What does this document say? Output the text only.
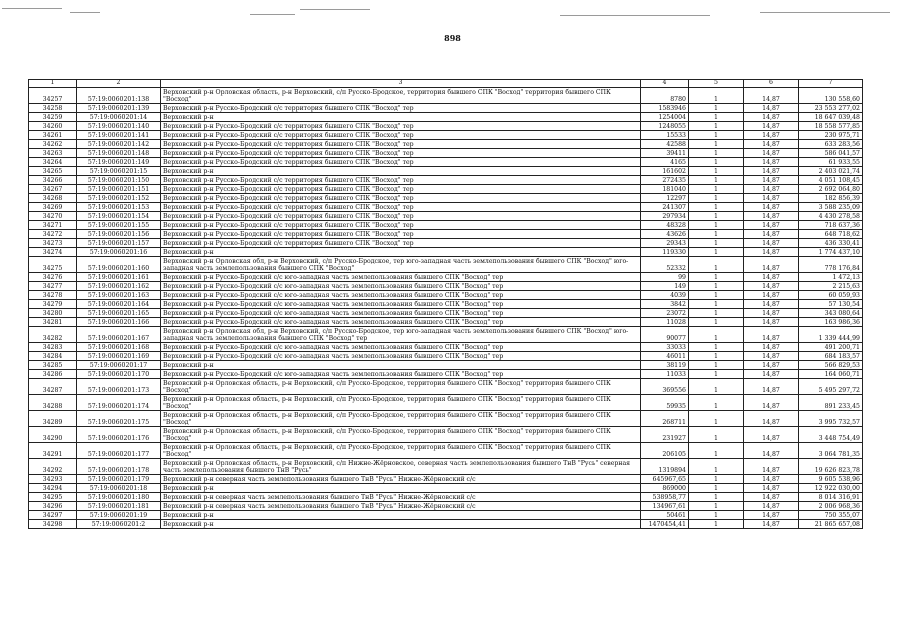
898
1	2	3	4	5	6	7
34257	57:19:0060201:138	Верховский р-н Орловская область, р-н Верховский, с/п Русско-Бродское, территория бывшего СПК "Восход" территория бывшего СПК "Восход"	8780	1	14,87	130 558,60
34258	57:19:0060201:139	Верховский р-н Русско-Бродский с/с территория бывшего СПК "Восход" тер	1583946	1	14,87	23 553 277,02
34259	57:19:0060201:14	Верховский р-н	1254004	1	14,87	18 647 039,48
34260	57:19:0060201:140	Верховский р-н Русско-Бродский с/с территория бывшего СПК "Восход" тер	1248055	1	14,87	18 558 577,85
34261	57:19:0060201:141	Верховский р-н Русско-Бродский с/с территория бывшего СПК "Восход" тер	15533	1	14,87	230 975,71
34262	57:19:0060201:142	Верховский р-н Русско-Бродский с/с территория бывшего СПК "Восход" тер	42588	1	14,87	633 283,56
34263	57:19:0060201:148	Верховский р-н Русско-Бродский с/с территория бывшего СПК "Восход" тер	39411	1	14,87	586 041,57
34264	57:19:0060201:149	Верховский р-н Русско-Бродский с/с территория бывшего СПК "Восход" тер	4165	1	14,87	61 933,55
34265	57:19:0060201:15	Верховский р-н	161602	1	14,87	2 403 021,74
34266	57:19:0060201:150	Верховский р-н Русско-Бродский с/с территория бывшего СПК "Восход" тер	272435	1	14,87	4 051 108,45
34267	57:19:0060201:151	Верховский р-н Русско-Бродский с/с территория бывшего СПК "Восход" тер	181040	1	14,87	2 692 064,80
34268	57:19:0060201:152	Верховский р-н Русско-Бродский с/с территория бывшего СПК "Восход" тер	12297	1	14,87	182 856,39
34269	57:19:0060201:153	Верховский р-н Русско-Бродский с/с территория бывшего СПК "Восход" тер	241307	1	14,87	3 588 235,09
34270	57:19:0060201:154	Верховский р-н Русско-Бродский с/с территория бывшего СПК "Восход" тер	297934	1	14,87	4 430 278,58
34271	57:19:0060201:155	Верховский р-н Русско-Бродский с/с территория бывшего СПК "Восход" тер	48328	1	14,87	718 637,36
34272	57:19:0060201:156	Верховский р-н Русско-Бродский с/с территория бывшего СПК "Восход" тер	43626	1	14,87	648 718,62
34273	57:19:0060201:157	Верховский р-н Русско-Бродский с/с территория бывшего СПК "Восход" тер	29343	1	14,87	436 330,41
34274	57:19:0060201:16	Верховский р-н	119330	1	14,87	1 774 437,10
34275	57:19:0060201:160	Верховский р-н Орловская обл, р-н Верховский, с/п Русско-Бродское, тер юго-западная часть землепользования бывшего СПК "Восход" юго-западная часть землепользования бывшего СПК "Восход"	52332	1	14,87	778 176,84
34276	57:19:0060201:161	Верховский р-н Русско-Бродский с/с юго-западная часть землепользования бывшего СПК "Восход" тер	99	1	14,87	1 472,13
34277	57:19:0060201:162	Верховский р-н Русско-Бродский с/с юго-западная часть землепользования бывшего СПК "Восход" тер	149	1	14,87	2 215,63
34278	57:19:0060201:163	Верховский р-н Русско-Бродский с/с юго-западная часть землепользования бывшего СПК "Восход" тер	4039	1	14,87	60 059,93
34279	57:19:0060201:164	Верховский р-н Русско-Бродский с/с юго-западная часть землепользования бывшего СПК "Восход" тер	3842	1	14,87	57 130,54
34280	57:19:0060201:165	Верховский р-н Русско-Бродский с/с юго-западная часть землепользования бывшего СПК "Восход" тер	23072	1	14,87	343 080,64
34281	57:19:0060201:166	Верховский р-н Русско-Бродский с/с юго-западная часть землепользования бывшего СПК "Восход" тер	11028	1	14,87	163 986,36
34282	57:19:0060201:167	Верховский р-н Орловская обл, р-н Верховский, с/п Русско-Бродское, тер юго-западная часть землепользования бывшего СПК "Восход" юго-западная часть землепользования бывшего СПК "Восход" тер	90077	1	14,87	1 339 444,99
34283	57:19:0060201:168	Верховский р-н Русско-Бродский с/с юго-западная часть землепользования бывшего СПК "Восход" тер	33033	1	14,87	491 200,71
34284	57:19:0060201:169	Верховский р-н Русско-Бродский с/с юго-западная часть землепользования бывшего СПК "Восход" тер	46011	1	14,87	684 183,57
34285	57:19:0060201:17	Верховский р-н	38119	1	14,87	566 829,53
34286	57:19:0060201:170	Верховский р-н Русско-Бродский с/с юго-западная часть землепользования бывшего СПК "Восход" тер	11033	1	14,87	164 060,71
34287	57:19:0060201:173	Верховский р-н Орловская область, р-н Верховский, с/п Русско-Бродское, территория бывшего СПК "Восход" территория бывшего СПК "Восход"	369556	1	14,87	5 495 297,72
34288	57:19:0060201:174	Верховский р-н Орловская область, р-н Верховский, с/п Русско-Бродское, территория бывшего СПК "Восход" территория бывшего СПК "Восход"	59935	1	14,87	891 233,45
34289	57:19:0060201:175	Верховский р-н Орловская область, р-н Верховский, с/п Русско-Бродское, территория бывшего СПК "Восход" территория бывшего СПК "Восход"	268711	1	14,87	3 995 732,57
34290	57:19:0060201:176	Верховский р-н Орловская область, р-н Верховский, с/п Русско-Бродское, территория бывшего СПК "Восход" территория бывшего СПК "Восход"	231927	1	14,87	3 448 754,49
34291	57:19:0060201:177	Верховский р-н Орловская область, р-н Верховский, с/п Русско-Бродское, территория бывшего СПК "Восход" территория бывшего СПК "Восход"	206105	1	14,87	3 064 781,35
34292	57:19:0060201:178	Верховский р-н Орловская область, р-н Верховский, с/п Нижне-Жёрновское, северная часть землепользования бывшего ТнВ "Русь" северная часть землепользования бывшего ТнВ "Русь"	1319894	1	14,87	19 626 823,78
34293	57:19:0060201:179	Верховский р-н северная часть землепользования бывшего ТнВ "Русь" Нижне-Жёрновский с/с	645967,65	1	14,87	9 605 538,96
34294	57:19:0060201:18	Верховский р-н	869000	1	14,87	12 922 030,00
34295	57:19:0060201:180	Верховский р-н северная часть землепользования бывшего ТнВ "Русь" Нижне-Жёрновский с/с	538958,77	1	14,87	8 014 316,91
34296	57:19:0060201:181	Верховский р-н северная часть землепользования бывшего ТнВ "Русь" Нижне-Жёрновский с/с	134967,61	1	14,87	2 006 968,36
34297	57:19:0060201:19	Верховский р-н	50461	1	14,87	750 355,07
34298	57:19:0060201:2	Верховский р-н	1470454,41	1	14,87	21 865 657,08
